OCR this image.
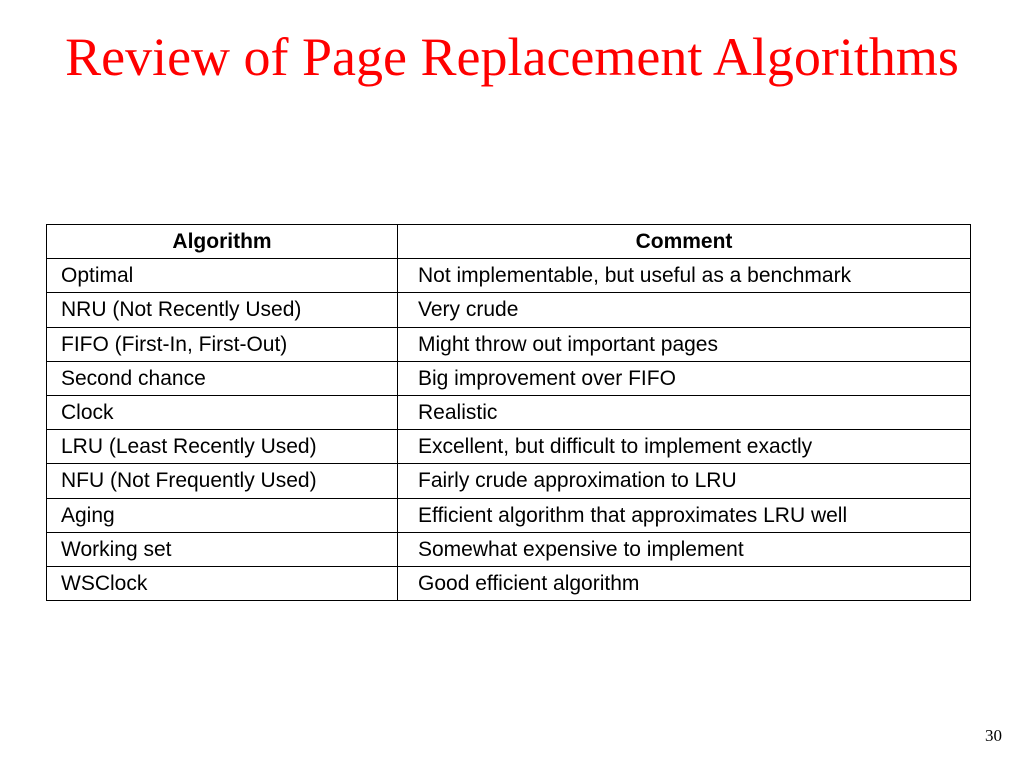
Review of Page Replacement Algorithms
Algorithm	Comment
Optimal	Not implementable, but useful as a benchmark
NRU (Not Recently Used)	Very crude
FIFO (First-In, First-Out)	Might throw out important pages
Second chance	Big improvement over FIFO
Clock	Realistic
LRU (Least Recently Used)	Excellent, but difficult to implement exactly
NFU (Not Frequently Used)	Fairly crude approximation to LRU
Aging	Efficient algorithm that approximates LRU well
Working set	Somewhat expensive to implement
WSClock	Good efficient algorithm
30
